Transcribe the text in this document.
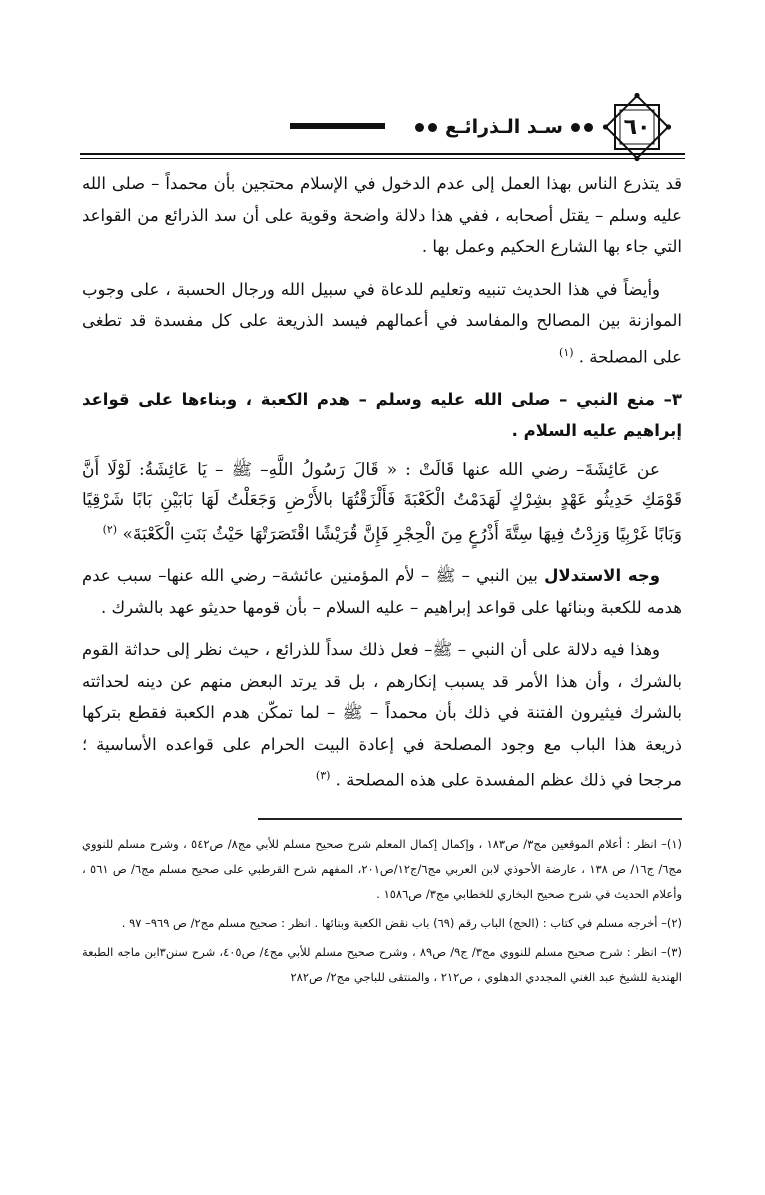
٦٠
سـد الـذرائـع

قد يتذرع الناس بهذا العمل إلى عدم الدخول في الإسلام محتجين بأن محمداً – صلى الله عليه وسلم – يقتل أصحابه ، ففي هذا دلالة واضحة وقوية على أن سد الذرائع من القواعد التي جاء بها الشارع الحكيم وعمل بها .

وأيضاً في هذا الحديث تنبيه وتعليم للدعاة في سبيل الله ورجال الحسبة ، على وجوب الموازنة بين المصالح والمفاسد في أعمالهم فيسد الذريعة على كل مفسدة قد تطغى على المصلحة . $^{(١)}$

٣– منع النبي – صلى الله عليه وسلم – هدم الكعبة ، وبناءها على قواعد إبراهيم عليه السلام .

عن عَائِشَةَ– رضي الله عنها قَالَتْ : « قَالَ رَسُولُ اللَّهِ– ﷺ – يَا عَائِشَةُ: لَوْلَا أَنَّ قَوْمَكِ حَدِيثُو عَهْدٍ بشِرْكٍ لَهَدَمْتُ الْكَعْبَةَ فَأَلْزَقْتُهَا بالأَرْضِ وَجَعَلْتُ لَهَا بَابَيْنِ بَابًا شَرْقِيًا وَبَابًا غَرْبِيًا وَزِدْتُ فِيهَا سِتَّةَ أَذْرُعٍ مِنَ الْحِجْرِ فَإِنَّ قُرَيْشًا اقْتَصَرَتْهَا حَيْثُ بَنَتِ الْكَعْبَةَ» $^{(٢)}$

وجه الاستدلال بين النبي – ﷺ – لأم المؤمنين عائشة– رضي الله عنها– سبب عدم هدمه للكعبة وبنائها على قواعد إبراهيم – عليه السلام – بأن قومها حديثو عهد بالشرك .

وهذا فيه دلالة على أن النبي – ﷺ– فعل ذلك سداً للذرائع ، حيث نظر إلى حداثة القوم بالشرك ، وأن هذا الأمر قد يسبب إنكارهم ، بل قد يرتد البعض منهم عن دينه لحداثته بالشرك فيثيرون الفتنة في ذلك بأن محمداً – ﷺ – لما تمكّن هدم الكعبة فقطع بتركها ذريعة هذا الباب مع وجود المصلحة في إعادة البيت الحرام على قواعده الأساسية ؛ مرجحا في ذلك عظم المفسدة على هذه المصلحة . $^{(٣)}$

(١)– انظر : أعلام الموقعين مج٣/ ص١٨٣ ، وإكمال إكمال المعلم شرح صحيح مسلم للأبي مج٨/ ص٥٤٢ ، وشرح مسلم للنووي مج٦/ ج١٦/ ص ١٣٨ ، عارضة الأحوذي لابن العربي مج٦/ج١٢/ص٢٠١، المفهم شرح القرطبي على صحيح مسلم مج٦/ ص ٥٦١ ، وأعلام الحديث في شرح صحيح البخاري للخطابي مج٣/ ص١٥٨٦ .

(٢)– أخرجه مسلم في كتاب : (الحج) الباب رقم (٦٩) باب نقض الكعبة وبنائها . انظر : صحيح مسلم مج٢/ ص ٩٦٩– ٩٧ .

(٣)– انظر : شرح صحيح مسلم للنووي مج٣/ ج٩/ ص٨٩ ، وشرح صحيح مسلم للأبي مج٤/ ص٤٠٥، شرح سنن٣ابن ماجه الطبعة الهندية للشيخ عبد الغني المجددي الدهلوي ، ص٢١٢ ، والمنتقى للباجي مج٢/ ص٢٨٢
